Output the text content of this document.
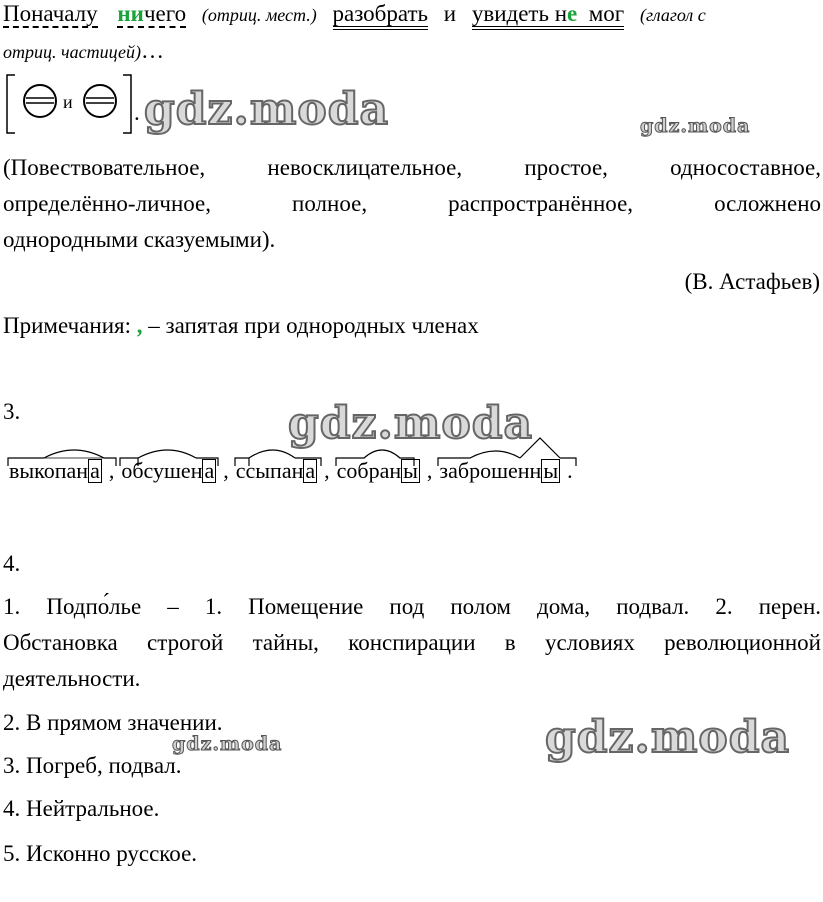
Поначалу ничего (отриц. мест.) разобрать и увидеть не мог (глагол с
отриц. частицей)…
и	. gdz.moda	gdz.moda
(Повествовательное, невосклицательное, простое, односоставное,
определённо-личное, полное, распространённое, осложнено
однородными сказуемыми).
(В. Астафьев)
Примечания: , – запятая при однородных членах
3.	gdz.moda
выкопана , обсушена , ссыпана , собраны , заброшенны .
4.
1. Подпо́лье – 1. Помещение под полом дома, подвал. 2. перен.
Обстановка строгой тайны, конспирации в условиях революционной
деятельности.
2. В прямом значении.
3. Погреб, подвал.
4. Нейтральное.
5. Исконно русское.
gdz.moda	gdz.moda
